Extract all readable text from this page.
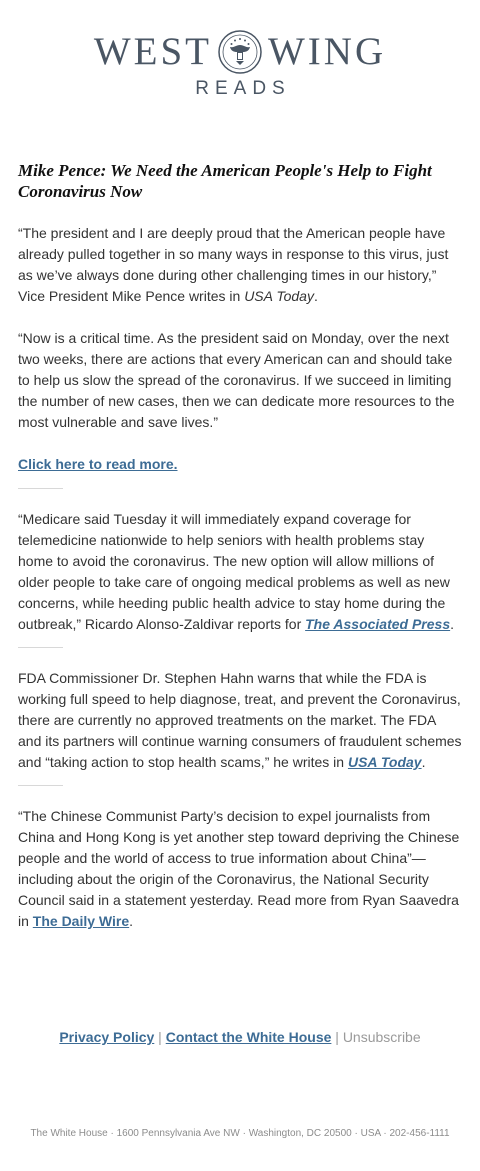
WEST WING
READS
Mike Pence: We Need the American People's Help to Fight Coronavirus Now

“The president and I are deeply proud that the American people have already pulled together in so many ways in response to this virus, just as we’ve always done during other challenging times in our history,” Vice President Mike Pence writes in USA Today.

“Now is a critical time. As the president said on Monday, over the next two weeks, there are actions that every American can and should take to help us slow the spread of the coronavirus. If we succeed in limiting the number of new cases, then we can dedicate more resources to the most vulnerable and save lives.”

Click here to read more.

“Medicare said Tuesday it will immediately expand coverage for telemedicine nationwide to help seniors with health problems stay home to avoid the coronavirus. The new option will allow millions of older people to take care of ongoing medical problems as well as new concerns, while heeding public health advice to stay home during the outbreak,” Ricardo Alonso-Zaldivar reports for The Associated Press.

FDA Commissioner Dr. Stephen Hahn warns that while the FDA is working full speed to help diagnose, treat, and prevent the Coronavirus, there are currently no approved treatments on the market. The FDA and its partners will continue warning consumers of fraudulent schemes and “taking action to stop health scams,” he writes in USA Today.

“The Chinese Communist Party’s decision to expel journalists from China and Hong Kong is yet another step toward depriving the Chinese people and the world of access to true information about China”—including about the origin of the Coronavirus, the National Security Council said in a statement yesterday. Read more from Ryan Saavedra in The Daily Wire.

Privacy Policy | Contact the White House | Unsubscribe
The White House · 1600 Pennsylvania Ave NW · Washington, DC 20500 · USA · 202-456-1111
